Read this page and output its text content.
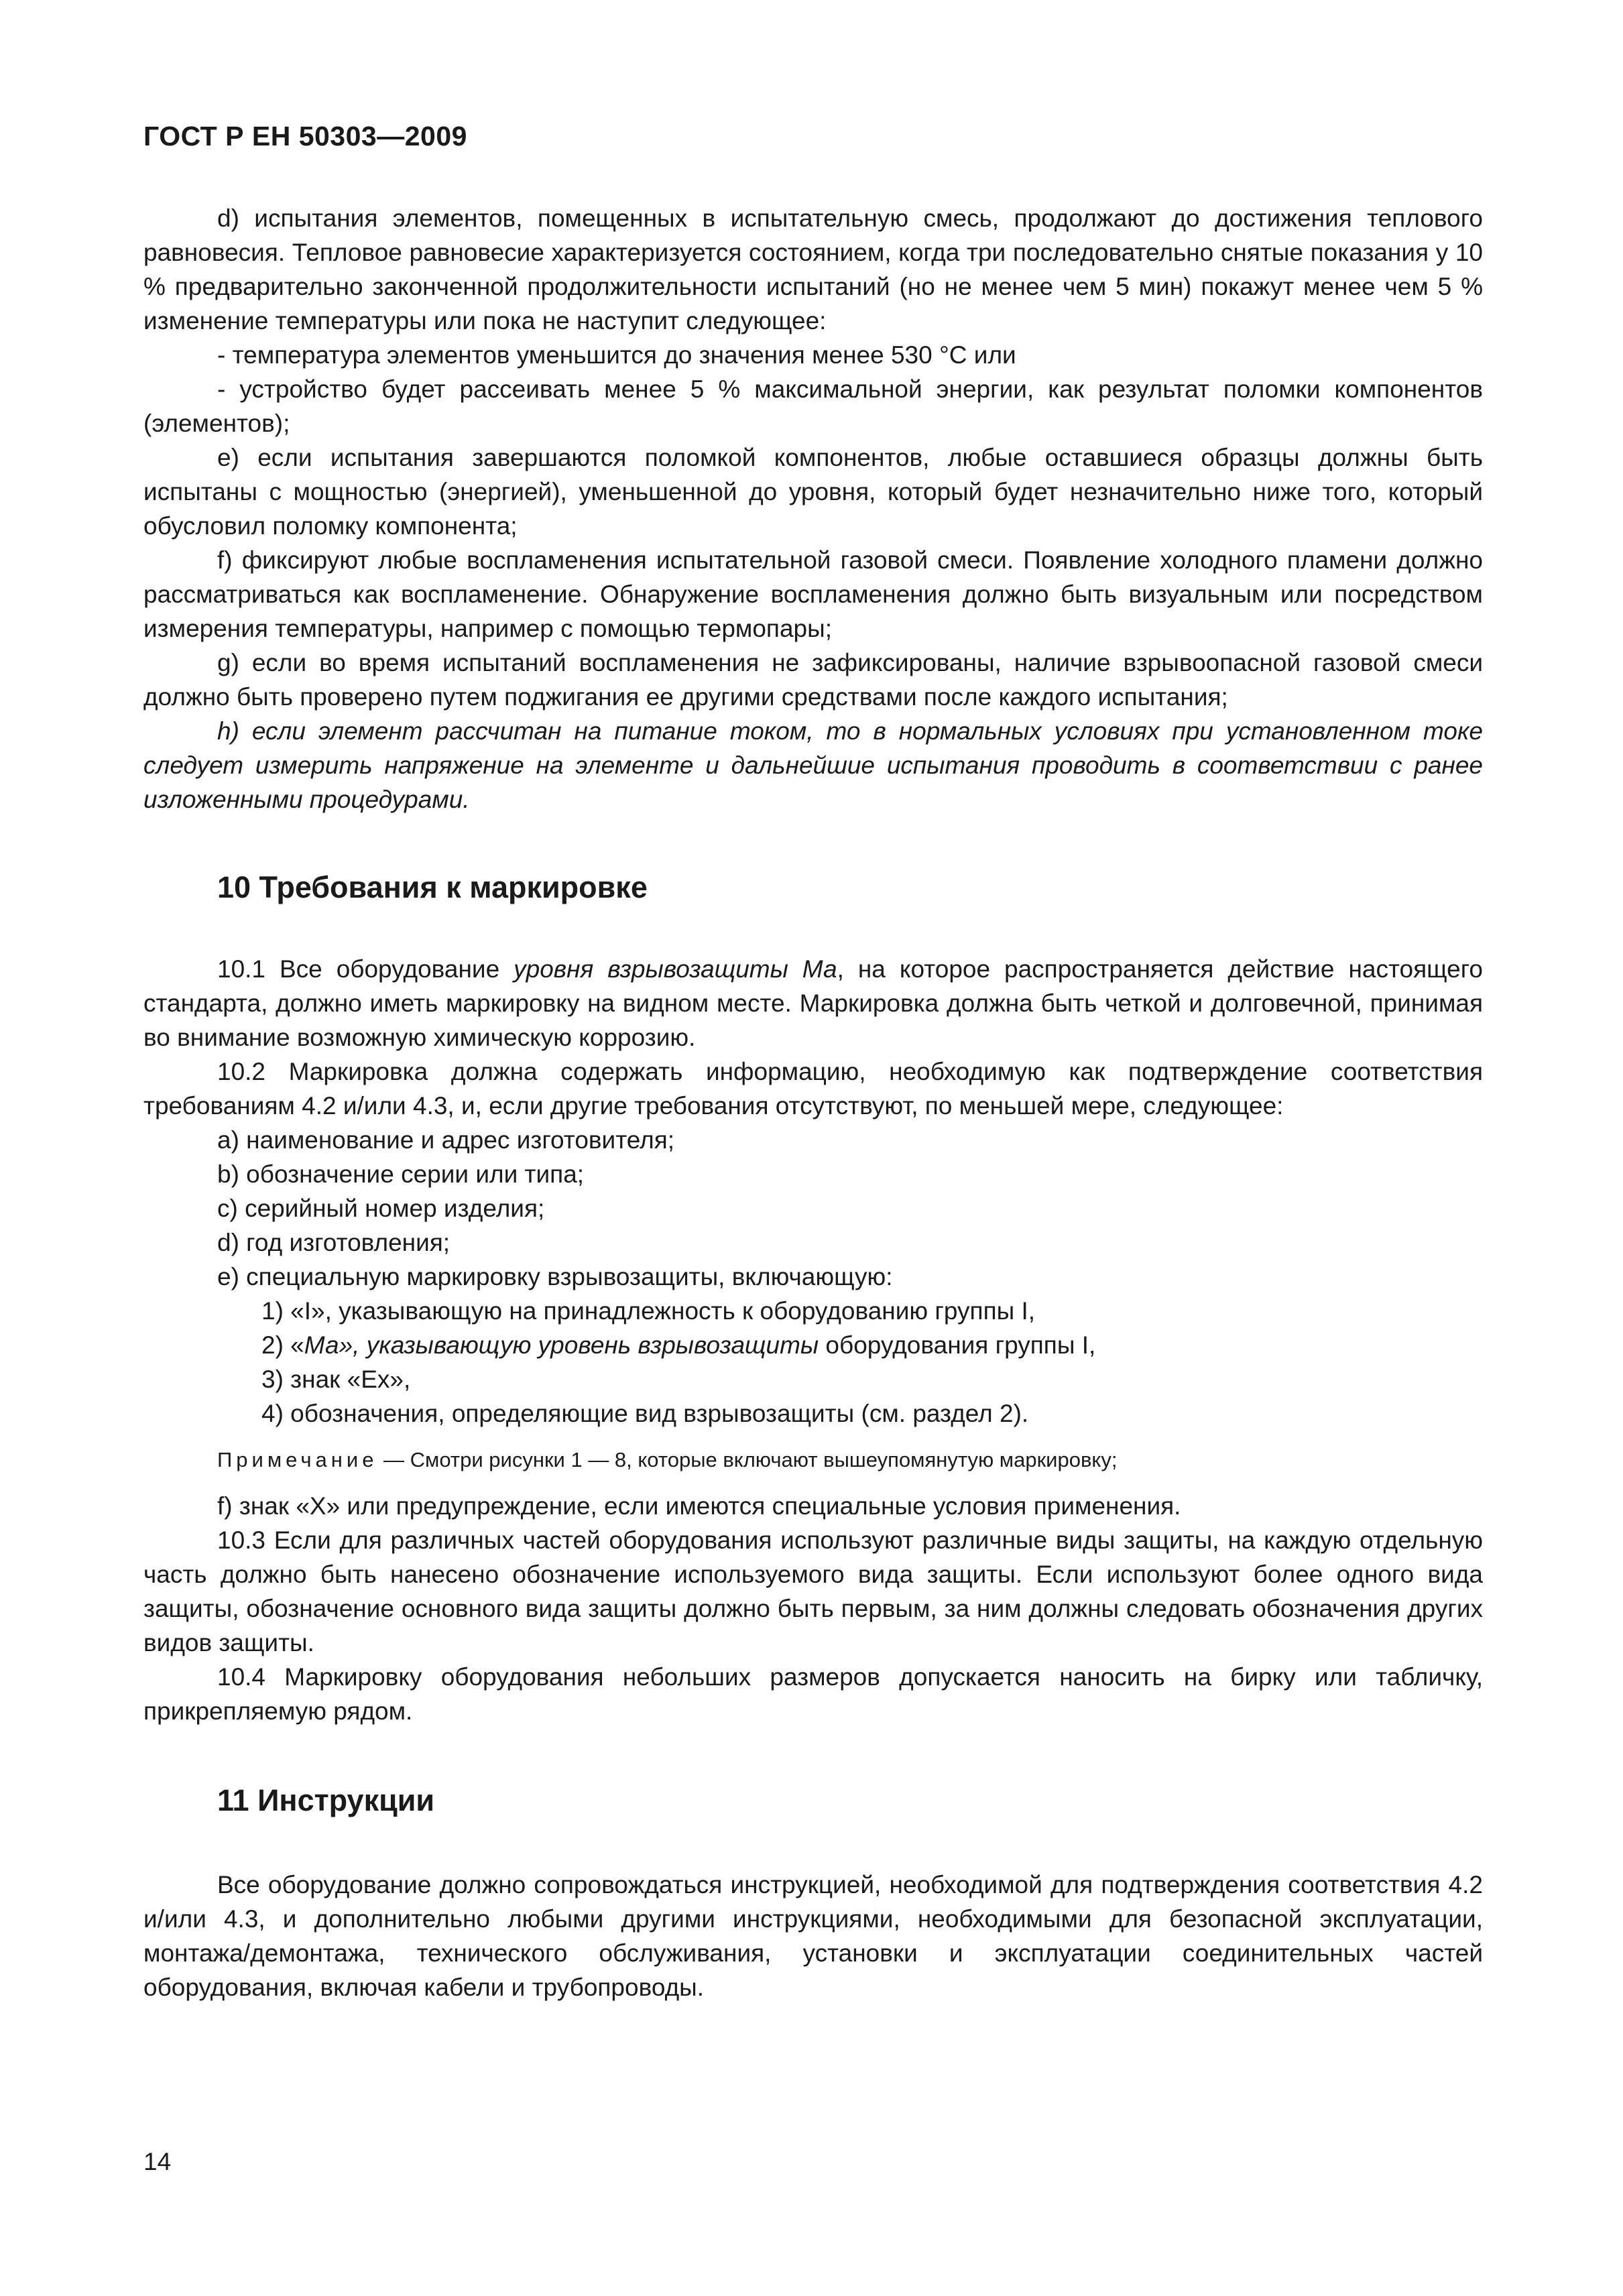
ГОСТ Р ЕН 50303—2009

d) испытания элементов, помещенных в испытательную смесь, продолжают до достижения теплового равновесия. Тепловое равновесие характеризуется состоянием, когда три последовательно снятые показания у 10 % предварительно законченной продолжительности испытаний (но не менее чем 5 мин) покажут менее чем 5 % изменение температуры или пока не наступит следующее:

- температура элементов уменьшится до значения менее 530 °C или

- устройство будет рассеивать менее 5 % максимальной энергии, как результат поломки компонентов (элементов);

e) если испытания завершаются поломкой компонентов, любые оставшиеся образцы должны быть испытаны с мощностью (энергией), уменьшенной до уровня, который будет незначительно ниже того, который обусловил поломку компонента;

f) фиксируют любые воспламенения испытательной газовой смеси. Появление холодного пламени должно рассматриваться как воспламенение. Обнаружение воспламенения должно быть визуальным или посредством измерения температуры, например с помощью термопары;

g) если во время испытаний воспламенения не зафиксированы, наличие взрывоопасной газовой смеси должно быть проверено путем поджигания ее другими средствами после каждого испытания;

h) если элемент рассчитан на питание током, то в нормальных условиях при установленном токе следует измерить напряжение на элементе и дальнейшие испытания проводить в соответствии с ранее изложенными процедурами.

10 Требования к маркировке

10.1 Все оборудование уровня взрывозащиты Ма, на которое распространяется действие настоящего стандарта, должно иметь маркировку на видном месте. Маркировка должна быть четкой и долговечной, принимая во внимание возможную химическую коррозию.

10.2 Маркировка должна содержать информацию, необходимую как подтверждение соответствия требованиям 4.2 и/или 4.3, и, если другие требования отсутствуют, по меньшей мере, следующее:

а) наименование и адрес изготовителя;

b) обозначение серии или типа;

c) серийный номер изделия;

d) год изготовления;

е) специальную маркировку взрывозащиты, включающую:

1) «I», указывающую на принадлежность к оборудованию группы I,

2) «Ма», указывающую уровень взрывозащиты оборудования группы I,

3) знак «Ex»,

4) обозначения, определяющие вид взрывозащиты (см. раздел 2).

Примечание — Смотри рисунки 1 — 8, которые включают вышеупомянутую маркировку;

f) знак «Х» или предупреждение, если имеются специальные условия применения.

10.3 Если для различных частей оборудования используют различные виды защиты, на каждую отдельную часть должно быть нанесено обозначение используемого вида защиты. Если используют более одного вида защиты, обозначение основного вида защиты должно быть первым, за ним должны следовать обозначения других видов защиты.

10.4 Маркировку оборудования небольших размеров допускается наносить на бирку или табличку, прикрепляемую рядом.

11 Инструкции

Все оборудование должно сопровождаться инструкцией, необходимой для подтверждения соответствия 4.2 и/или 4.3, и дополнительно любыми другими инструкциями, необходимыми для безопасной эксплуатации, монтажа/демонтажа, технического обслуживания, установки и эксплуатации соединительных частей оборудования, включая кабели и трубопроводы.

14
